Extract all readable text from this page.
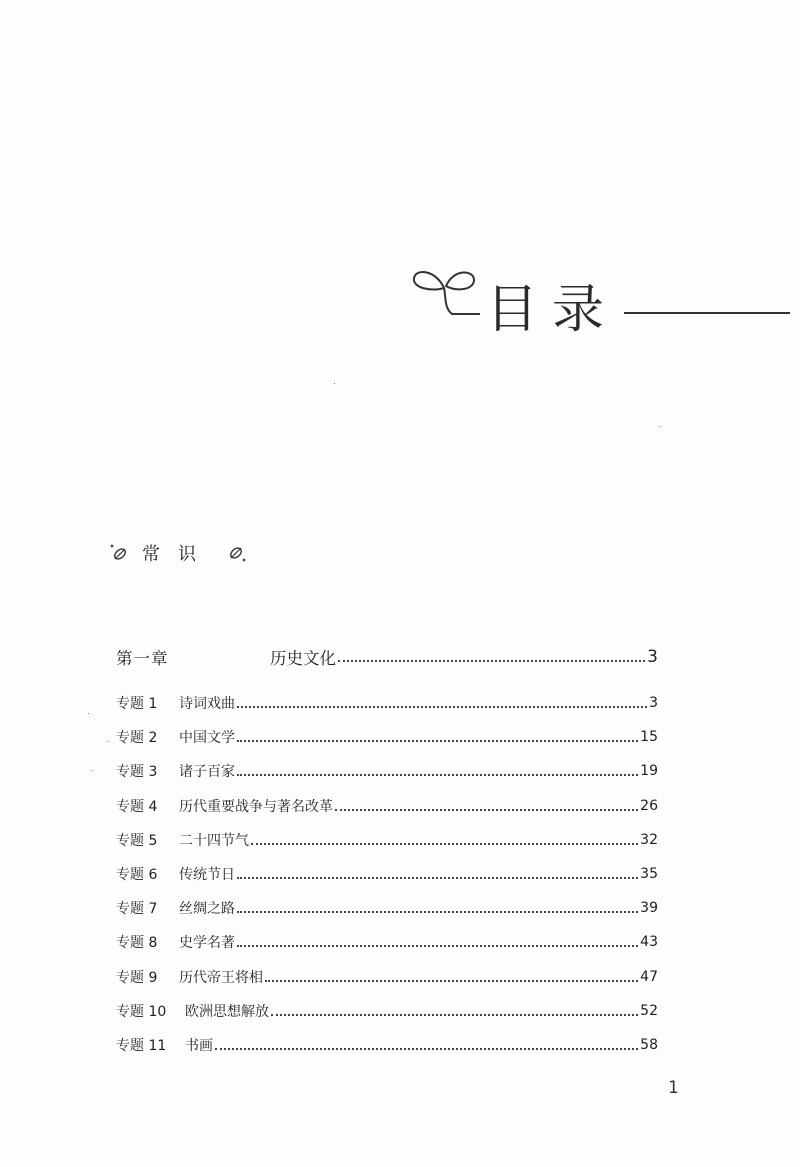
目录
常识
第一章	历史文化	3
专题 1	诗词戏曲	3
专题 2	中国文学	15
专题 3	诸子百家	19
专题 4	历代重要战争与著名改革	26
专题 5	二十四节气	32
专题 6	传统节日	35
专题 7	丝绸之路	39
专题 8	史学名著	43
专题 9	历代帝王将相	47
专题 10	欧洲思想解放	52
专题 11	书画	58
1
